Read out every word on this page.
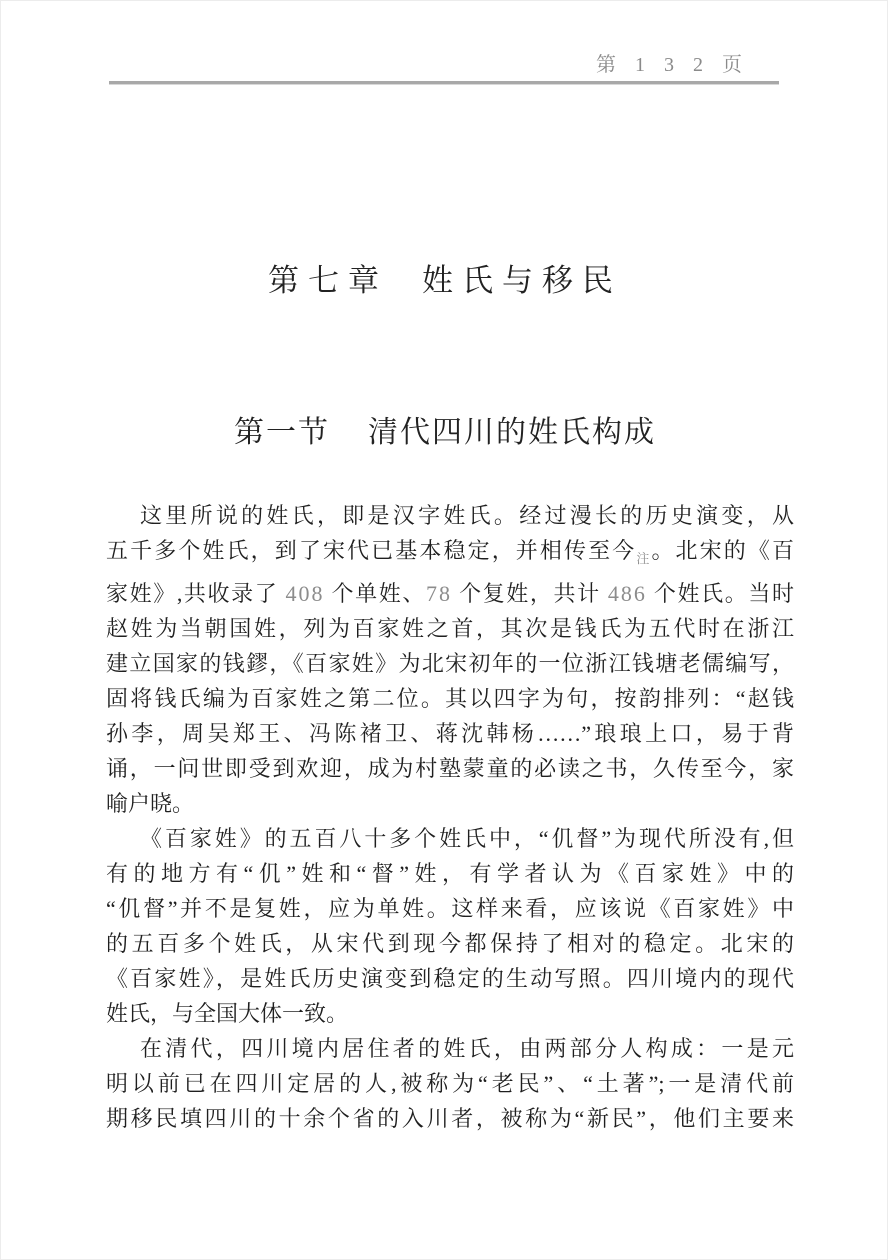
第 1 3 2 页
第七章 姓氏与移民
第一节 清代四川的姓氏构成
这里所说的姓氏，即是汉字姓氏。经过漫长的历史演变，从
五千多个姓氏，到了宋代已基本稳定，并相传至今$_注$。北宋的《百
家姓》,共收录了 408 个单姓、78 个复姓，共计 486 个姓氏。当时
赵姓为当朝国姓，列为百家姓之首，其次是钱氏为五代时在浙江
建立国家的钱鏐，《百家姓》为北宋初年的一位浙江钱塘老儒编写，
固将钱氏编为百家姓之第二位。其以四字为句，按韵排列：“赵钱
孙李，周吴郑王、冯陈褚卫、蒋沈韩杨……”琅琅上口，易于背
诵，一问世即受到欢迎，成为村塾蒙童的必读之书，久传至今，家
喻户晓。
《百家姓》的五百八十多个姓氏中，“仉督”为现代所没有,但
有的地方有“仉”姓和“督”姓，有学者认为《百家姓》中的
“仉督”并不是复姓，应为单姓。这样来看，应该说《百家姓》中
的五百多个姓氏，从宋代到现今都保持了相对的稳定。北宋的
《百家姓》，是姓氏历史演变到稳定的生动写照。四川境内的现代
姓氏，与全国大体一致。
在清代，四川境内居住者的姓氏，由两部分人构成：一是元
明以前已在四川定居的人,被称为“老民”、“土著”;一是清代前
期移民填四川的十余个省的入川者，被称为“新民”，他们主要来
